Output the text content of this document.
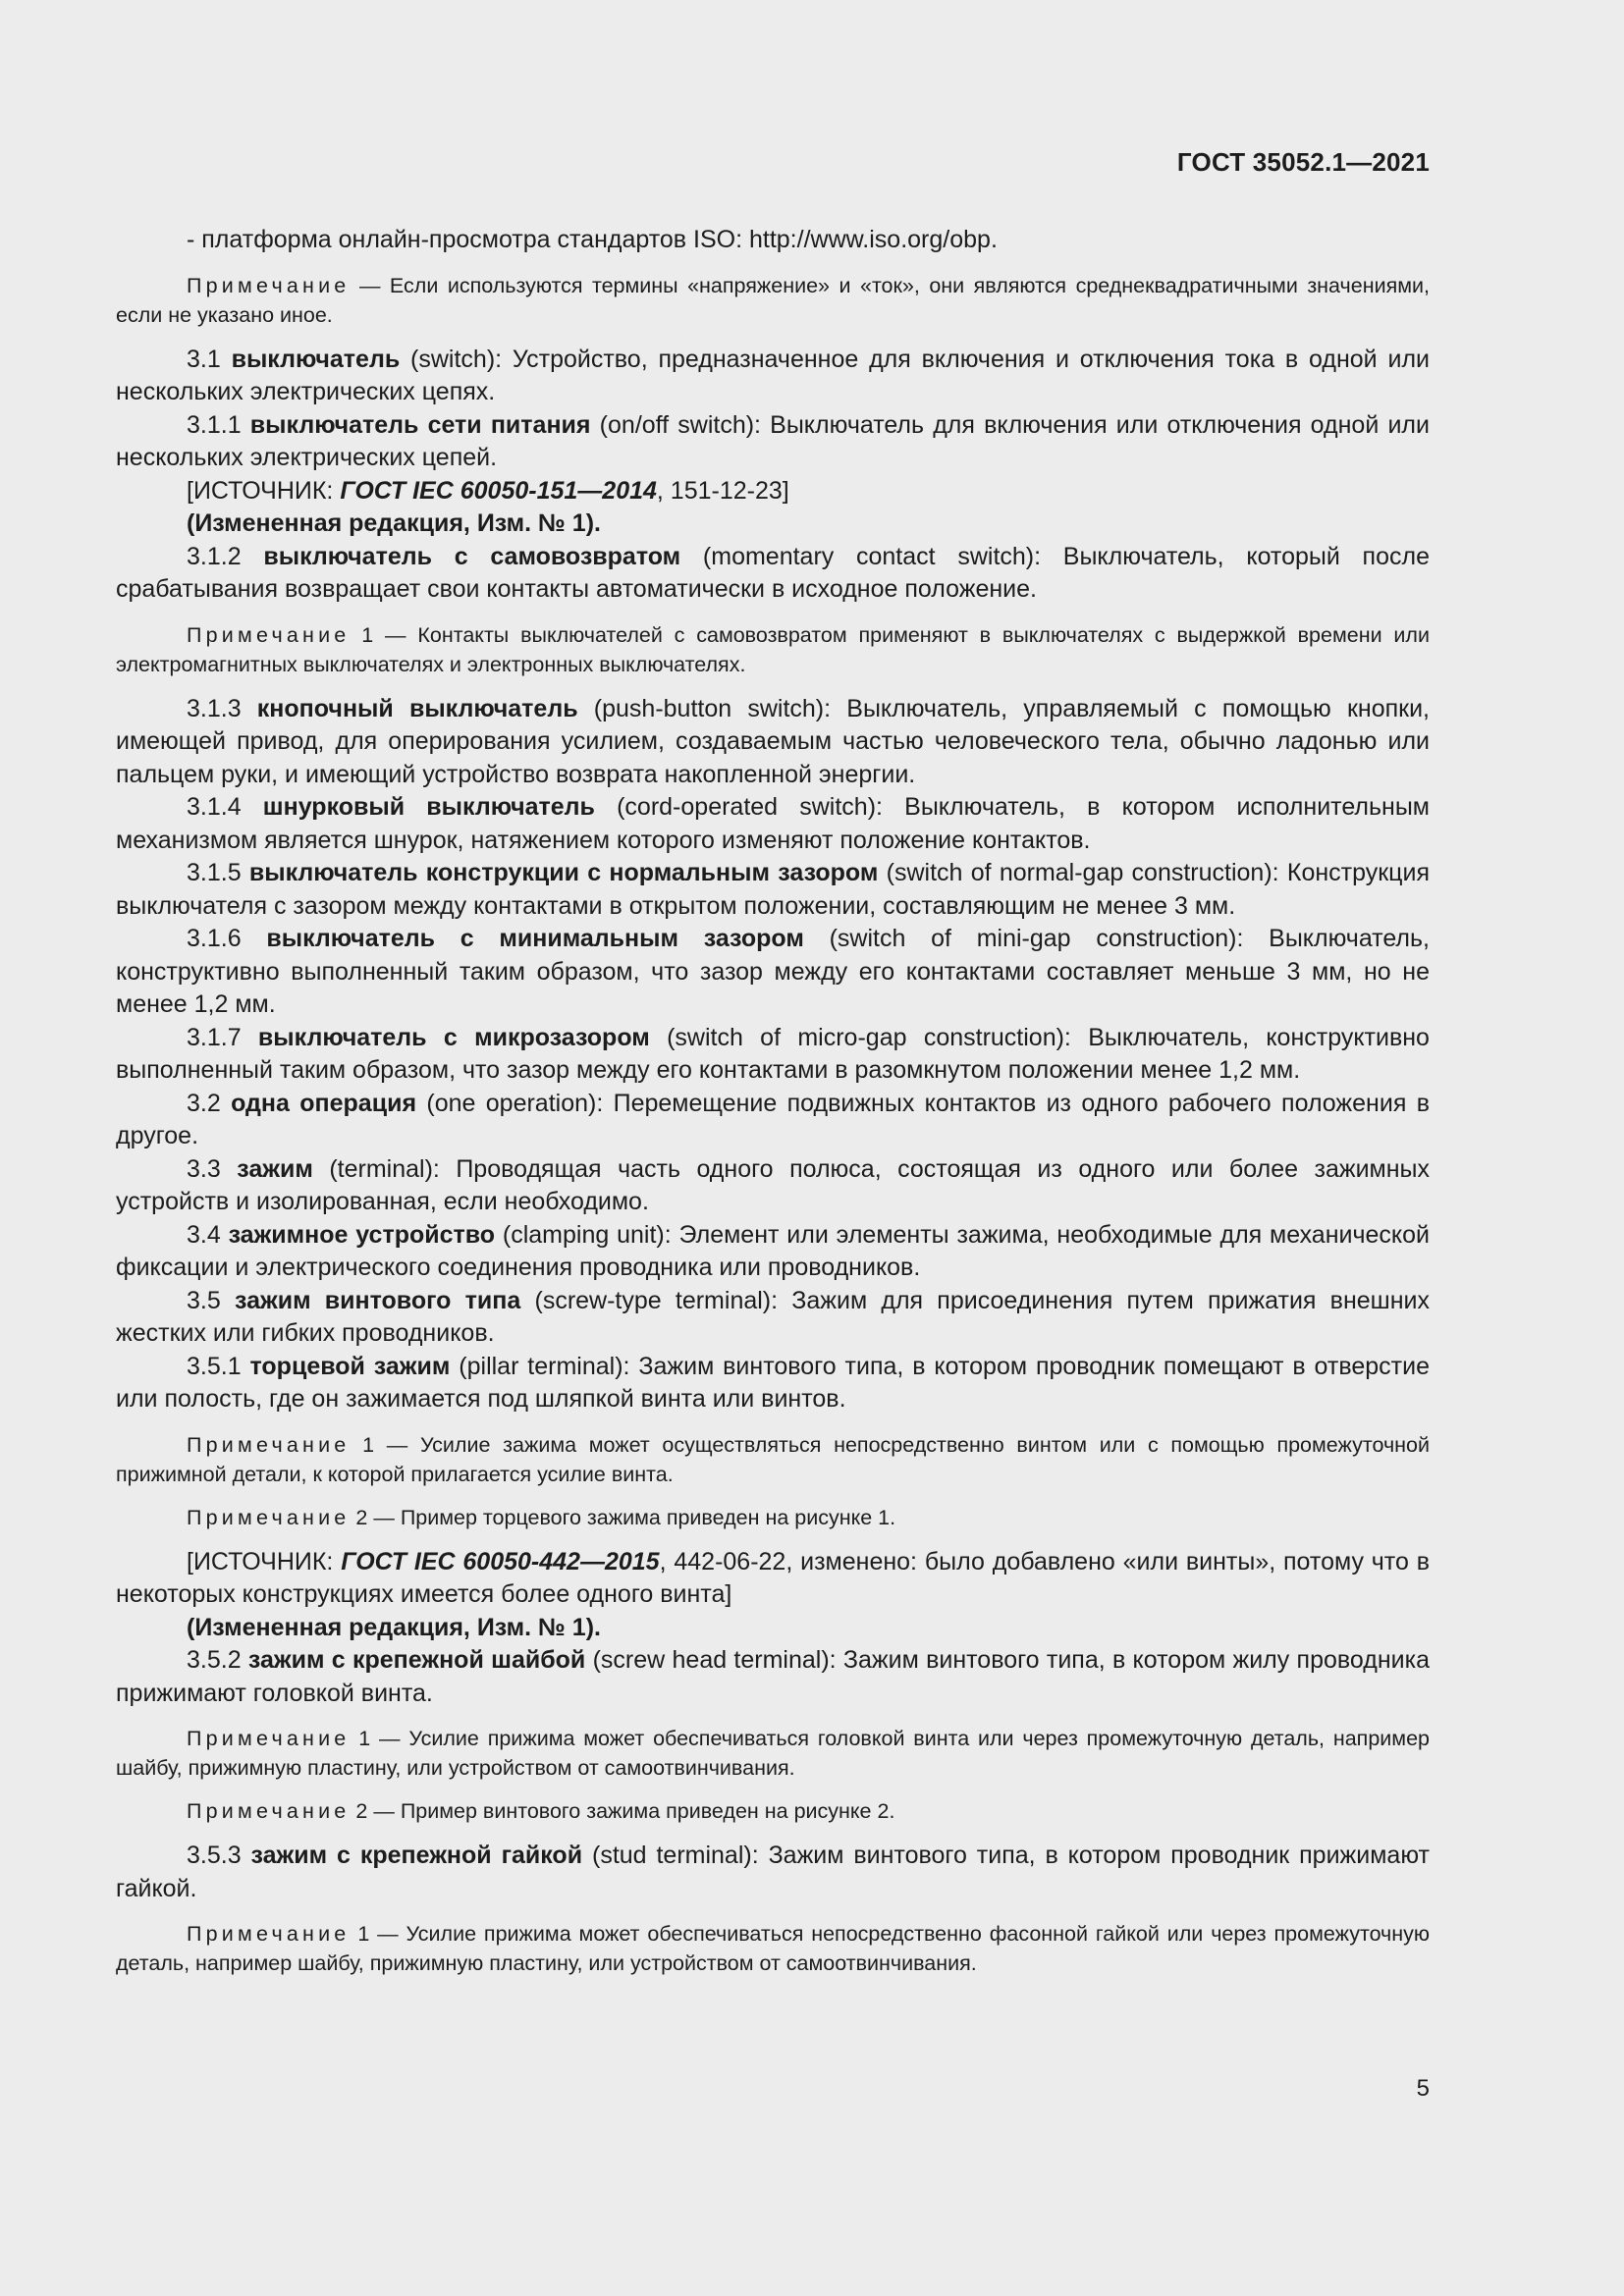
ГОСТ 35052.1—2021

- платформа онлайн-просмотра стандартов ISO: http://www.iso.org/obp.

Примечание — Если используются термины «напряжение» и «ток», они являются среднеквадратичными значениями, если не указано иное.

3.1 выключатель (switch): Устройство, предназначенное для включения и отключения тока в одной или нескольких электрических цепях.

3.1.1 выключатель сети питания (on/off switch): Выключатель для включения или отключения одной или нескольких электрических цепей.

[ИСТОЧНИК: ГОСТ IEC 60050-151—2014, 151-12-23]

(Измененная редакция, Изм. № 1).

3.1.2 выключатель с самовозвратом (momentary contact switch): Выключатель, который после срабатывания возвращает свои контакты автоматически в исходное положение.

Примечание 1 — Контакты выключателей с самовозвратом применяют в выключателях с выдержкой времени или электромагнитных выключателях и электронных выключателях.

3.1.3 кнопочный выключатель (push-button switch): Выключатель, управляемый с помощью кнопки, имеющей привод, для оперирования усилием, создаваемым частью человеческого тела, обычно ладонью или пальцем руки, и имеющий устройство возврата накопленной энергии.

3.1.4 шнурковый выключатель (cord-operated switch): Выключатель, в котором исполнительным механизмом является шнурок, натяжением которого изменяют положение контактов.

3.1.5 выключатель конструкции с нормальным зазором (switch of normal-gap construction): Конструкция выключателя с зазором между контактами в открытом положении, составляющим не менее 3 мм.

3.1.6 выключатель с минимальным зазором (switch of mini-gap construction): Выключатель, конструктивно выполненный таким образом, что зазор между его контактами составляет меньше 3 мм, но не менее 1,2 мм.

3.1.7 выключатель с микрозазором (switch of micro-gap construction): Выключатель, конструктивно выполненный таким образом, что зазор между его контактами в разомкнутом положении менее 1,2 мм.

3.2 одна операция (one operation): Перемещение подвижных контактов из одного рабочего положения в другое.

3.3 зажим (terminal): Проводящая часть одного полюса, состоящая из одного или более зажимных устройств и изолированная, если необходимо.

3.4 зажимное устройство (clamping unit): Элемент или элементы зажима, необходимые для механической фиксации и электрического соединения проводника или проводников.

3.5 зажим винтового типа (screw-type terminal): Зажим для присоединения путем прижатия внешних жестких или гибких проводников.

3.5.1 торцевой зажим (pillar terminal): Зажим винтового типа, в котором проводник помещают в отверстие или полость, где он зажимается под шляпкой винта или винтов.

Примечание 1 — Усилие зажима может осуществляться непосредственно винтом или с помощью промежуточной прижимной детали, к которой прилагается усилие винта.

Примечание 2 — Пример торцевого зажима приведен на рисунке 1.

[ИСТОЧНИК: ГОСТ IEC 60050-442—2015, 442-06-22, изменено: было добавлено «или винты», потому что в некоторых конструкциях имеется более одного винта]

(Измененная редакция, Изм. № 1).

3.5.2 зажим с крепежной шайбой (screw head terminal): Зажим винтового типа, в котором жилу проводника прижимают головкой винта.

Примечание 1 — Усилие прижима может обеспечиваться головкой винта или через промежуточную деталь, например шайбу, прижимную пластину, или устройством от самоотвинчивания.

Примечание 2 — Пример винтового зажима приведен на рисунке 2.

3.5.3 зажим с крепежной гайкой (stud terminal): Зажим винтового типа, в котором проводник прижимают гайкой.

Примечание 1 — Усилие прижима может обеспечиваться непосредственно фасонной гайкой или через промежуточную деталь, например шайбу, прижимную пластину, или устройством от самоотвинчивания.

5
